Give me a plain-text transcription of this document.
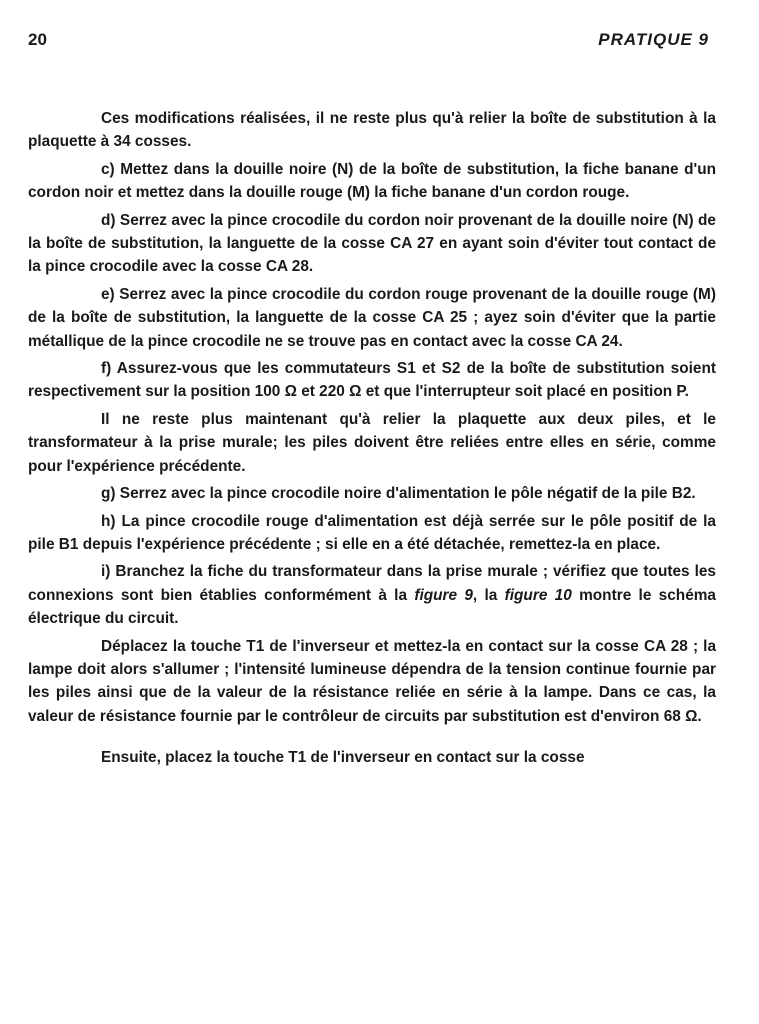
20	PRATIQUE 9

Ces modifications réalisées, il ne reste plus qu'à relier la boîte de substitution à la plaquette à 34 cosses.

c) Mettez dans la douille noire (N) de la boîte de substitution, la fiche banane d'un cordon noir et mettez dans la douille rouge (M) la fiche banane d'un cordon rouge.

d) Serrez avec la pince crocodile du cordon noir provenant de la douille noire (N) de la boîte de substitution, la languette de la cosse CA 27 en ayant soin d'éviter tout contact de la pince crocodile avec la cosse CA 28.

e) Serrez avec la pince crocodile du cordon rouge provenant de la douille rouge (M) de la boîte de substitution, la languette de la cosse CA 25 ; ayez soin d'éviter que la partie métallique de la pince crocodile ne se trouve pas en contact avec la cosse CA 24.

f) Assurez-vous que les commutateurs S1 et S2 de la boîte de substitution soient respectivement sur la position 100 Ω et 220 Ω et que l'interrupteur soit placé en position P.

Il ne reste plus maintenant qu'à relier la plaquette aux deux piles, et le transformateur à la prise murale; les piles doivent être reliées entre elles en série, comme pour l'expérience précédente.

g) Serrez avec la pince crocodile noire d'alimentation le pôle négatif de la pile B2.

h) La pince crocodile rouge d'alimentation est déjà serrée sur le pôle positif de la pile B1 depuis l'expérience précédente ; si elle en a été détachée, remettez-la en place.

i) Branchez la fiche du transformateur dans la prise murale ; vérifiez que toutes les connexions sont bien établies conformément à la figure 9, la figure 10 montre le schéma électrique du circuit.

Déplacez la touche T1 de l'inverseur et mettez-la en contact sur la cosse CA 28 ; la lampe doit alors s'allumer ; l'intensité lumineuse dépendra de la tension continue fournie par les piles ainsi que de la valeur de la résistance reliée en série à la lampe. Dans ce cas, la valeur de résistance fournie par le contrôleur de circuits par substitution est d'environ 68 Ω.

Ensuite, placez la touche T1 de l'inverseur en contact sur la cosse
